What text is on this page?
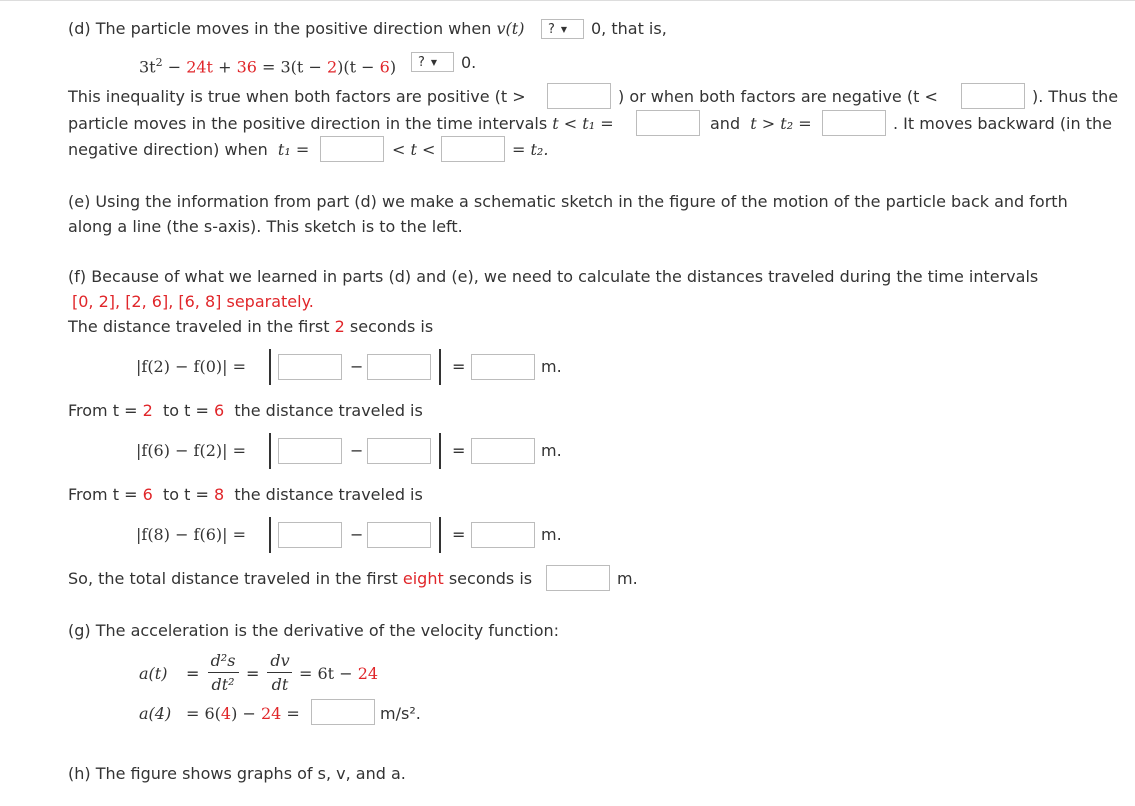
(d) The particle moves in the positive direction when v(t)	? ▼	0, that is,
$3t^2 - 24t + 36 = 3(t - 2)(t - 6)$	? ▼	0.
This inequality is true when both factors are positive (t >	) or when both factors are negative (t <	). Thus the
particle moves in the positive direction in the time intervals t < t₁ =	and t > t₂ =	. It moves backward (in the
negative direction) when t₁ =	< t <	= t₂.
(e) Using the information from part (d) we make a schematic sketch in the figure of the motion of the particle back and forth
along a line (the s-axis). This sketch is to the left.
(f) Because of what we learned in parts (d) and (e), we need to calculate the distances traveled during the time intervals
[0, 2], [2, 6], [6, 8] separately.
The distance traveled in the first 2 seconds is
|f(2) − f(0)| =	−	=	m.
From t = 2 to t = 6 the distance traveled is
|f(6) − f(2)| =	−	=	m.
From t = 6 to t = 8 the distance traveled is
|f(8) − f(6)| =	−	=	m.
So, the total distance traveled in the first eight seconds is	m.
(g) The acceleration is the derivative of the velocity function:
a(t) =
d²s
dt²
=
dv
dt
= 6t − 24
a(4) = 6(4) − 24 =	m/s².
(h) The figure shows graphs of s, v, and a.
